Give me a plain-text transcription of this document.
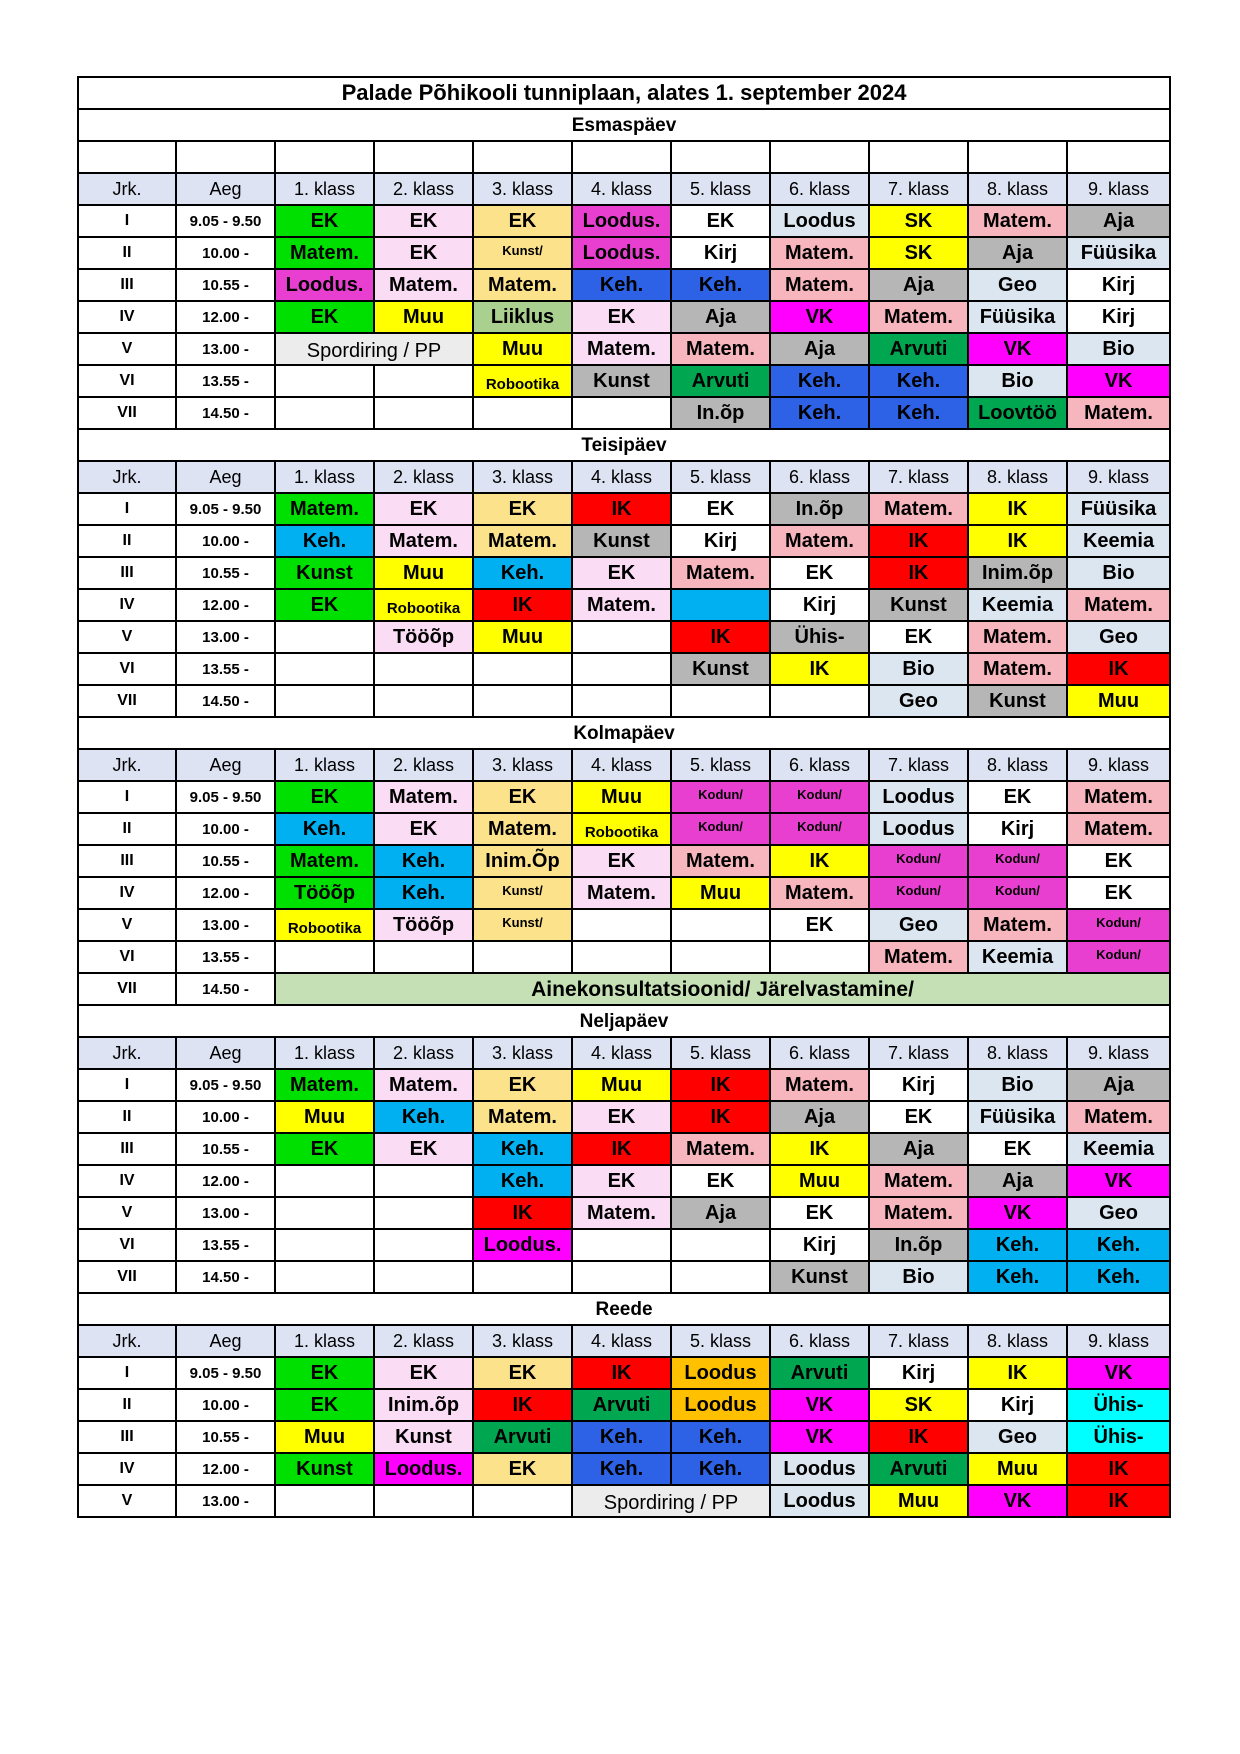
Palade Põhikooli tunniplaan, alates 1. september 2024										
Esmaspäev										

Jrk.	Aeg	1. klass	2. klass	3. klass	4. klass	5. klass	6. klass	7. klass	8. klass	9. klass
I	9.05 - 9.50	EK	EK	EK	Loodus.	EK	Loodus	SK	Matem.	Aja
II	10.00 -	Matem.	EK	Kunst/	Loodus.	Kirj	Matem.	SK	Aja	Füüsika
III	10.55 -	Loodus.	Matem.	Matem.	Keh.	Keh.	Matem.	Aja	Geo	Kirj
IV	12.00 -	EK	Muu	Liiklus	EK	Aja	VK	Matem.	Füüsika	Kirj
V	13.00 -	Spordiring / PP		Muu	Matem.	Matem.	Aja	Arvuti	VK	Bio
VI	13.55 -			Robootika	Kunst	Arvuti	Keh.	Keh.	Bio	VK
VII	14.50 -					In.õp	Keh.	Keh.	Loovtöö	Matem.
Teisipäev										
Jrk.	Aeg	1. klass	2. klass	3. klass	4. klass	5. klass	6. klass	7. klass	8. klass	9. klass
I	9.05 - 9.50	Matem.	EK	EK	IK	EK	In.õp	Matem.	IK	Füüsika
II	10.00 -	Keh.	Matem.	Matem.	Kunst	Kirj	Matem.	IK	IK	Keemia
III	10.55 -	Kunst	Muu	Keh.	EK	Matem.	EK	IK	Inim.õp	Bio
IV	12.00 -	EK	Robootika	IK	Matem.		Kirj	Kunst	Keemia	Matem.
V	13.00 -		Tööõp	Muu		IK	Ühis-	EK	Matem.	Geo
VI	13.55 -					Kunst	IK	Bio	Matem.	IK
VII	14.50 -							Geo	Kunst	Muu
Kolmapäev										
Jrk.	Aeg	1. klass	2. klass	3. klass	4. klass	5. klass	6. klass	7. klass	8. klass	9. klass
I	9.05 - 9.50	EK	Matem.	EK	Muu	Kodun/	Kodun/	Loodus	EK	Matem.
II	10.00 -	Keh.	EK	Matem.	Robootika	Kodun/	Kodun/	Loodus	Kirj	Matem.
III	10.55 -	Matem.	Keh.	Inim.Õp	EK	Matem.	IK	Kodun/	Kodun/	EK
IV	12.00 -	Tööõp	Keh.	Kunst/	Matem.	Muu	Matem.	Kodun/	Kodun/	EK
V	13.00 -	Robootika	Tööõp	Kunst/			EK	Geo	Matem.	Kodun/
VI	13.55 -							Matem.	Keemia	Kodun/
VII	14.50 -	Ainekonsultatsioonid/ Järelvastamine/								
Neljapäev										
Jrk.	Aeg	1. klass	2. klass	3. klass	4. klass	5. klass	6. klass	7. klass	8. klass	9. klass
I	9.05 - 9.50	Matem.	Matem.	EK	Muu	IK	Matem.	Kirj	Bio	Aja
II	10.00 -	Muu	Keh.	Matem.	EK	IK	Aja	EK	Füüsika	Matem.
III	10.55 -	EK	EK	Keh.	IK	Matem.	IK	Aja	EK	Keemia
IV	12.00 -			Keh.	EK	EK	Muu	Matem.	Aja	VK
V	13.00 -			IK	Matem.	Aja	EK	Matem.	VK	Geo
VI	13.55 -			Loodus.			Kirj	In.õp	Keh.	Keh.
VII	14.50 -						Kunst	Bio	Keh.	Keh.
Reede										
Jrk.	Aeg	1. klass	2. klass	3. klass	4. klass	5. klass	6. klass	7. klass	8. klass	9. klass
I	9.05 - 9.50	EK	EK	EK	IK	Loodus	Arvuti	Kirj	IK	VK
II	10.00 -	EK	Inim.õp	IK	Arvuti	Loodus	VK	SK	Kirj	Ühis-
III	10.55 -	Muu	Kunst	Arvuti	Keh.	Keh.	VK	IK	Geo	Ühis-
IV	12.00 -	Kunst	Loodus.	EK	Keh.	Keh.	Loodus	Arvuti	Muu	IK
V	13.00 -				Spordiring / PP		Loodus	Muu	VK	IK
